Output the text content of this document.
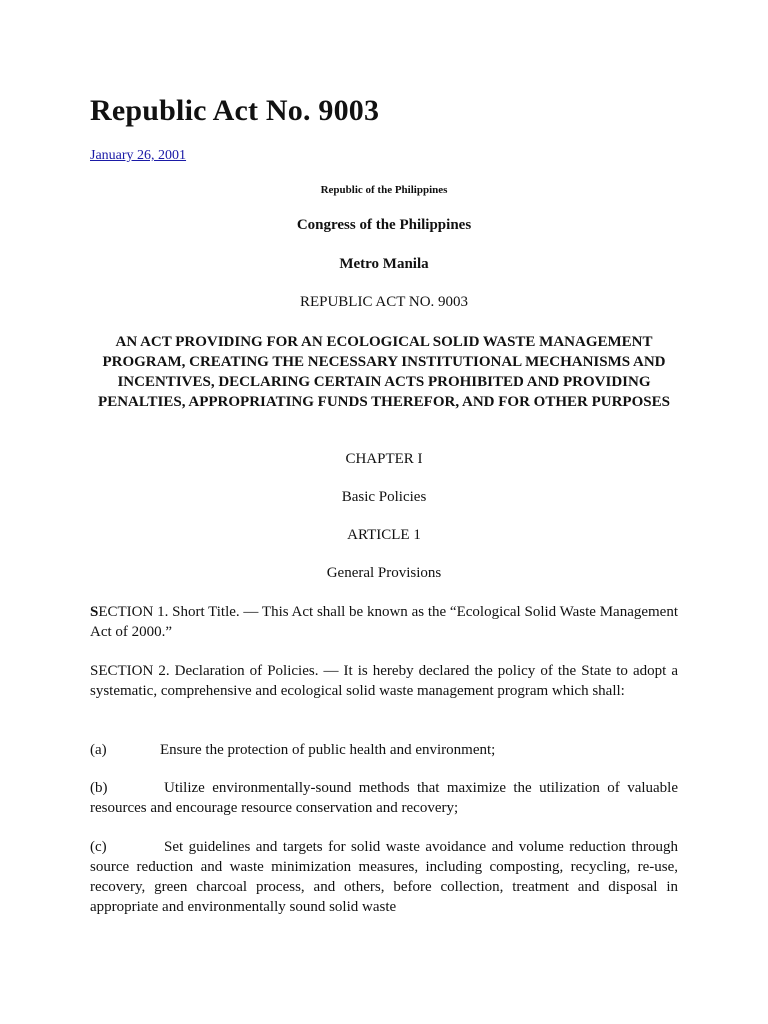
Republic Act No. 9003
January 26, 2001
Republic of the Philippines
Congress of the Philippines
Metro Manila
REPUBLIC ACT NO. 9003
AN ACT PROVIDING FOR AN ECOLOGICAL SOLID WASTE MANAGEMENT PROGRAM, CREATING THE NECESSARY INSTITUTIONAL MECHANISMS AND INCENTIVES, DECLARING CERTAIN ACTS PROHIBITED AND PROVIDING PENALTIES, APPROPRIATING FUNDS THEREFOR, AND FOR OTHER PURPOSES
CHAPTER I
Basic Policies
ARTICLE 1
General Provisions

SECTION 1. Short Title. — This Act shall be known as the “Ecological Solid Waste Management Act of 2000.”

SECTION 2. Declaration of Policies. — It is hereby declared the policy of the State to adopt a systematic, comprehensive and ecological solid waste management program which shall:

(a)	Ensure the protection of public health and environment;

(b)	Utilize environmentally-sound methods that maximize the utilization of valuable resources and encourage resource conservation and recovery;

(c)	Set guidelines and targets for solid waste avoidance and volume reduction through source reduction and waste minimization measures, including composting, recycling, re-use, recovery, green charcoal process, and others, before collection, treatment and disposal in appropriate and environmentally sound solid waste
